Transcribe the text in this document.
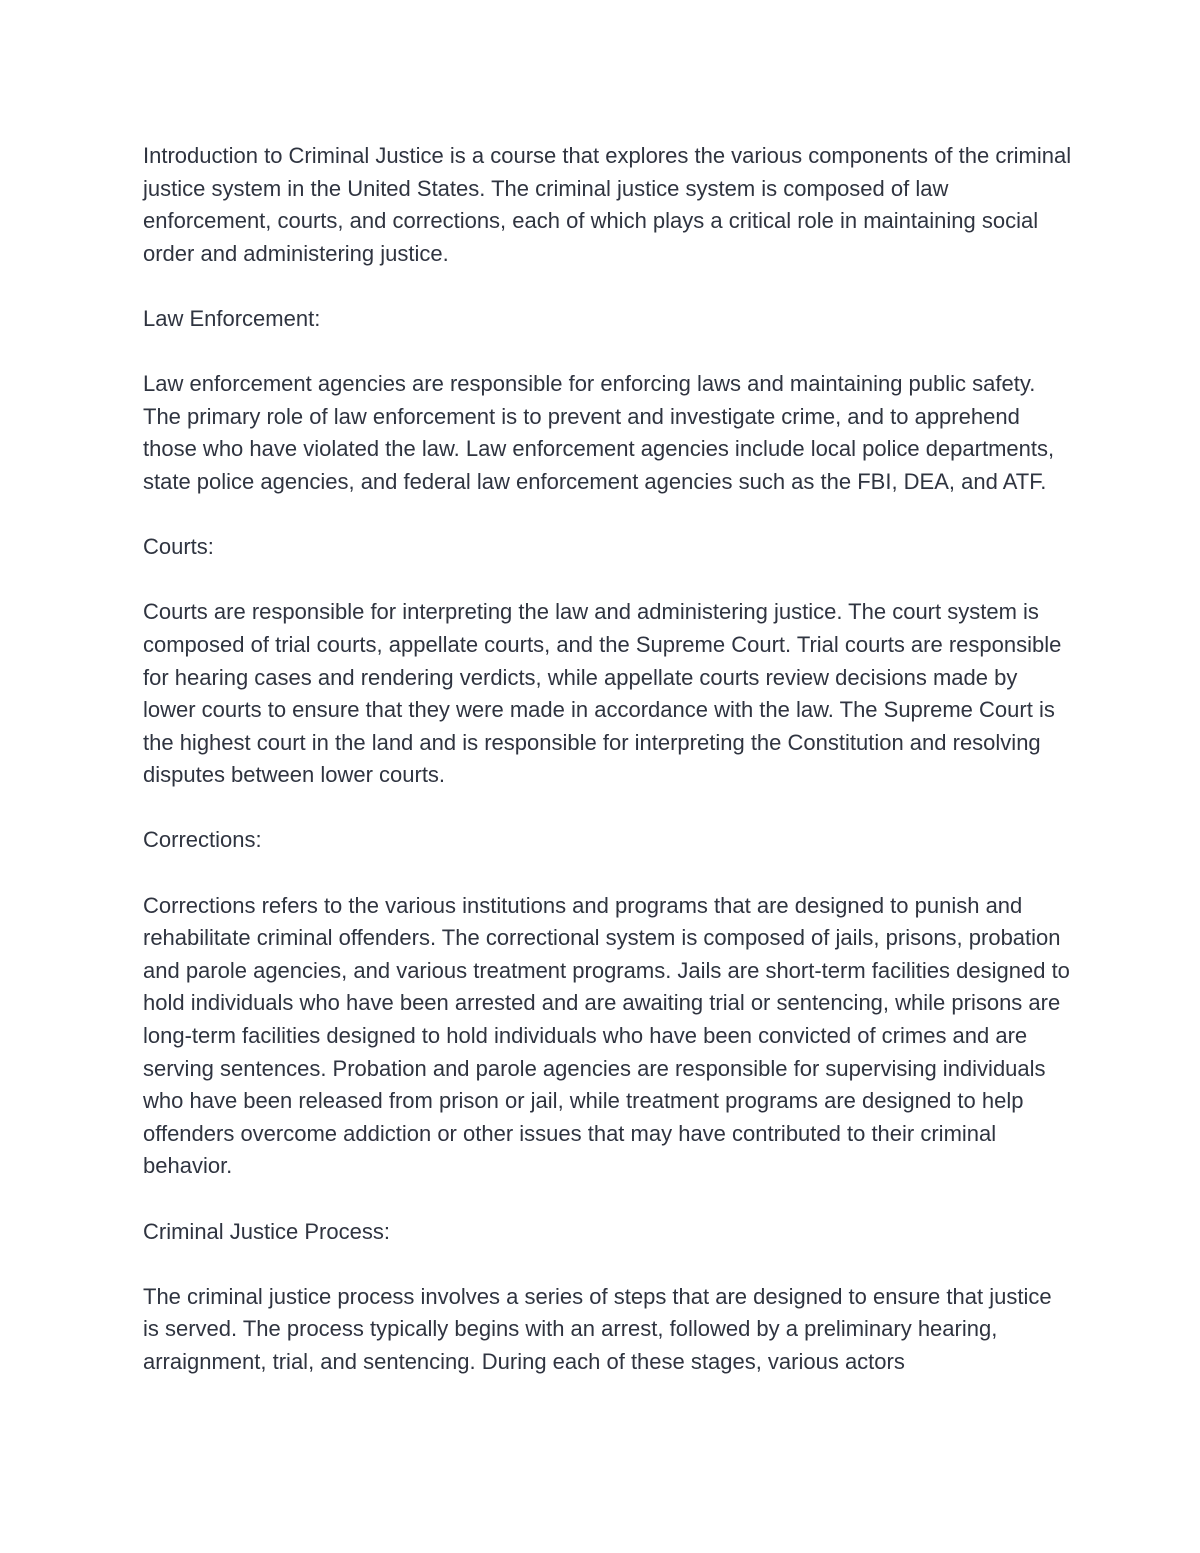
Introduction to Criminal Justice is a course that explores the various components of the criminal justice system in the United States. The criminal justice system is composed of law enforcement, courts, and corrections, each of which plays a critical role in maintaining social order and administering justice.

Law Enforcement:

Law enforcement agencies are responsible for enforcing laws and maintaining public safety. The primary role of law enforcement is to prevent and investigate crime, and to apprehend those who have violated the law. Law enforcement agencies include local police departments, state police agencies, and federal law enforcement agencies such as the FBI, DEA, and ATF.

Courts:

Courts are responsible for interpreting the law and administering justice. The court system is composed of trial courts, appellate courts, and the Supreme Court. Trial courts are responsible for hearing cases and rendering verdicts, while appellate courts review decisions made by lower courts to ensure that they were made in accordance with the law. The Supreme Court is the highest court in the land and is responsible for interpreting the Constitution and resolving disputes between lower courts.

Corrections:

Corrections refers to the various institutions and programs that are designed to punish and rehabilitate criminal offenders. The correctional system is composed of jails, prisons, probation and parole agencies, and various treatment programs. Jails are short-term facilities designed to hold individuals who have been arrested and are awaiting trial or sentencing, while prisons are long-term facilities designed to hold individuals who have been convicted of crimes and are serving sentences. Probation and parole agencies are responsible for supervising individuals who have been released from prison or jail, while treatment programs are designed to help offenders overcome addiction or other issues that may have contributed to their criminal behavior.

Criminal Justice Process:

The criminal justice process involves a series of steps that are designed to ensure that justice is served. The process typically begins with an arrest, followed by a preliminary hearing, arraignment, trial, and sentencing. During each of these stages, various actors
